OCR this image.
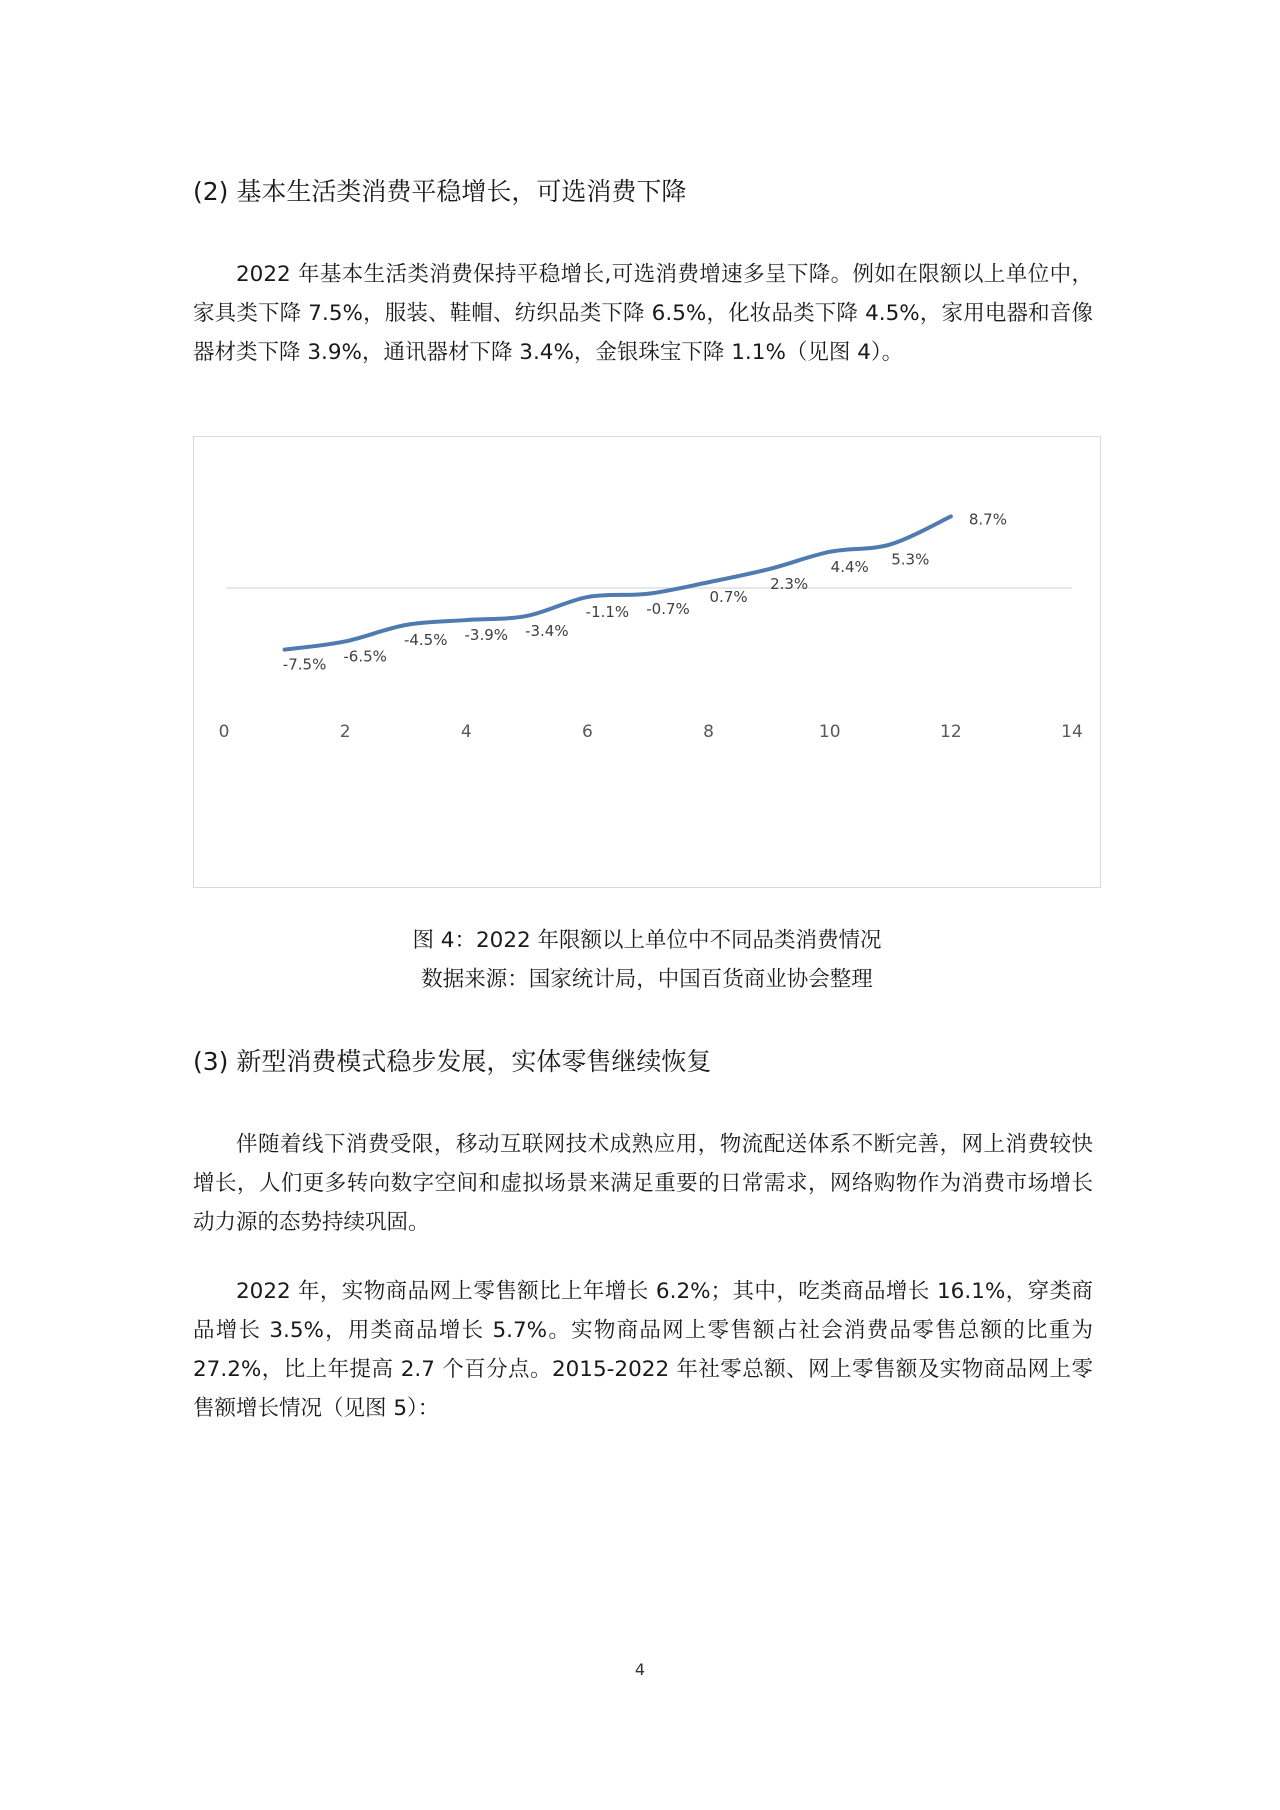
(2) 基本生活类消费平稳增长，可选消费下降

2022 年基本生活类消费保持平稳增长,可选消费增速多呈下降。例如在限额以上单位中，家具类下降 7.5%，服装、鞋帽、纺织品类下降 6.5%，化妆品类下降 4.5%，家用电器和音像器材类下降 3.9%，通讯器材下降 3.4%，金银珠宝下降 1.1%（见图 4）。

0	2	4	6	8	10	12	14
-7.5% -6.5%
-4.5% -3.9% -3.4%
-1.1% -0.7%
0.7%
2.3%
4.4% 5.3%
8.7%

图 4：2022 年限额以上单位中不同品类消费情况

数据来源：国家统计局，中国百货商业协会整理

(3) 新型消费模式稳步发展，实体零售继续恢复

伴随着线下消费受限，移动互联网技术成熟应用，物流配送体系不断完善，网上消费较快增长，人们更多转向数字空间和虚拟场景来满足重要的日常需求，网络购物作为消费市场增长动力源的态势持续巩固。

2022 年，实物商品网上零售额比上年增长 6.2%；其中，吃类商品增长 16.1%，穿类商品增长 3.5%，用类商品增长 5.7%。实物商品网上零售额占社会消费品零售总额的比重为 27.2%，比上年提高 2.7 个百分点。2015-2022 年社零总额、网上零售额及实物商品网上零售额增长情况（见图 5）：

4
